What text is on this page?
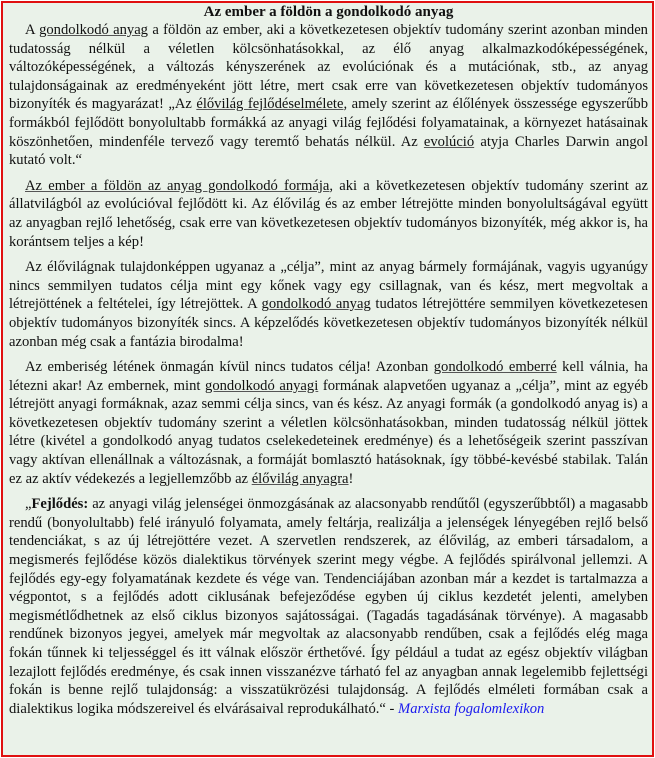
Az ember a földön a gondolkodó anyag

A gondolkodó anyag a földön az ember, aki a következetesen objektív tudomány szerint azonban minden tudatosság nélkül a véletlen kölcsönhatásokkal, az élő anyag alkalmazkodóképességének, változóképességének, a változás kényszerének az evolúciónak és a mutációnak, stb., az anyag tulajdonságainak az eredményeként jött létre, mert csak erre van következetesen objektív tudományos bizonyíték és magyarázat! „Az élővilág fejlődéselmélete, amely szerint az élőlények összessége egyszerűbb formákból fejlődött bonyolultabb formákká az anyagi világ fejlődési folyamatainak, a környezet hatásainak köszönhetően, mindenféle tervező vagy teremtő behatás nélkül. Az evolúció atyja Charles Darwin angol kutató volt.“

Az ember a földön az anyag gondolkodó formája, aki a következetesen objektív tudomány szerint az állatvilágból az evolúcióval fejlődött ki. Az élővilág és az ember létrejötte minden bonyolultságával együtt az anyagban rejlő lehetőség, csak erre van következetesen objektív tudományos bizonyíték, még akkor is, ha korántsem teljes a kép!

Az élővilágnak tulajdonképpen ugyanaz a „célja”, mint az anyag bármely formájának, vagyis ugyanúgy nincs semmilyen tudatos célja mint egy kőnek vagy egy csillagnak, van és kész, mert megvoltak a létrejöttének a feltételei, így létrejöttek. A gondolkodó anyag tudatos létrejöttére semmilyen következetesen objektív tudományos bizonyíték sincs. A képzelődés következetesen objektív tudományos bizonyíték nélkül azonban még csak a fantázia birodalma!

Az emberiség létének önmagán kívül nincs tudatos célja! Azonban gondolkodó emberré kell válnia, ha létezni akar! Az embernek, mint gondolkodó anyagi formának alapvetően ugyanaz a „célja”, mint az egyéb létrejött anyagi formáknak, azaz semmi célja sincs, van és kész. Az anyagi formák (a gondolkodó anyag is) a következetesen objektív tudomány szerint a véletlen kölcsönhatásokban, minden tudatosság nélkül jöttek létre (kivétel a gondolkodó anyag tudatos cselekedeteinek eredménye) és a lehetőségeik szerint passzívan vagy aktívan ellenállnak a változásnak, a formáját bomlasztó hatásoknak, így többé-kevésbé stabilak. Talán ez az aktív védekezés a legjellemzőbb az élővilág anyagra!

„Fejlődés: az anyagi világ jelenségei önmozgásának az alacsonyabb rendűtől (egyszerűbbtől) a magasabb rendű (bonyolultabb) felé irányuló folyamata, amely feltárja, realizálja a jelenségek lényegében rejlő belső tendenciákat, s az új létrejöttére vezet. A szervetlen rendszerek, az élővilág, az emberi társadalom, a megismerés fejlődése közös dialektikus törvények szerint megy végbe. A fejlődés spirálvonal jellemzi. A fejlődés egy-egy folyamatának kezdete és vége van. Tendenciájában azonban már a kezdet is tartalmazza a végpontot, s a fejlődés adott ciklusának befejeződése egyben új ciklus kezdetét jelenti, amelyben megismétlődhetnek az első ciklus bizonyos sajátosságai. (Tagadás tagadásának törvénye). A magasabb rendűnek bizonyos jegyei, amelyek már megvoltak az alacsonyabb rendűben, csak a fejlődés elég maga fokán tűnnek ki teljességgel és itt válnak először érthetővé. Így például a tudat az egész objektív világban lezajlott fejlődés eredménye, és csak innen visszanézve tárható fel az anyagban annak legelemibb fejlettségi fokán is benne rejlő tulajdonság: a visszatükrözési tulajdonság. A fejlődés elméleti formában csak a dialektikus logika módszereivel és elvárásaival reprodukálható.“ - Marxista fogalomlexikon
